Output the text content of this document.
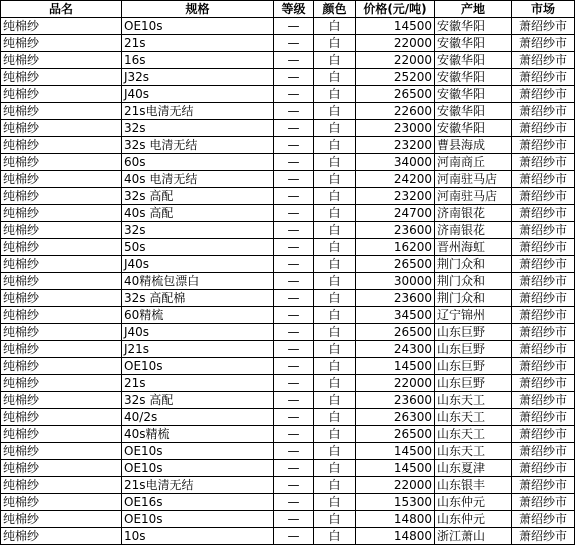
品名	规格	等级	颜色	价格(元/吨)	产地	市场
纯棉纱	OE10s	—	白	14500	安徽华阳	萧绍纱市
纯棉纱	21s	—	白	22000	安徽华阳	萧绍纱市
纯棉纱	16s	—	白	22000	安徽华阳	萧绍纱市
纯棉纱	J32s	—	白	25200	安徽华阳	萧绍纱市
纯棉纱	J40s	—	白	26500	安徽华阳	萧绍纱市
纯棉纱	21s电清无结	—	白	22600	安徽华阳	萧绍纱市
纯棉纱	32s	—	白	23000	安徽华阳	萧绍纱市
纯棉纱	32s 电清无结	—	白	23200	曹县海成	萧绍纱市
纯棉纱	60s	—	白	34000	河南商丘	萧绍纱市
纯棉纱	40s 电清无结	—	白	24200	河南驻马店	萧绍纱市
纯棉纱	32s 高配	—	白	23200	河南驻马店	萧绍纱市
纯棉纱	40s 高配	—	白	24700	济南银花	萧绍纱市
纯棉纱	32s	—	白	23600	济南银花	萧绍纱市
纯棉纱	50s	—	白	16200	晋州海虹	萧绍纱市
纯棉纱	J40s	—	白	26500	荆门众和	萧绍纱市
纯棉纱	40精梳包漂白	—	白	30000	荆门众和	萧绍纱市
纯棉纱	32s 高配棉	—	白	23600	荆门众和	萧绍纱市
纯棉纱	60精梳	—	白	34500	辽宁锦州	萧绍纱市
纯棉纱	J40s	—	白	26500	山东巨野	萧绍纱市
纯棉纱	J21s	—	白	24300	山东巨野	萧绍纱市
纯棉纱	OE10s	—	白	14500	山东巨野	萧绍纱市
纯棉纱	21s	—	白	22000	山东巨野	萧绍纱市
纯棉纱	32s 高配	—	白	23600	山东天工	萧绍纱市
纯棉纱	40/2s	—	白	26300	山东天工	萧绍纱市
纯棉纱	40s精梳	—	白	26500	山东天工	萧绍纱市
纯棉纱	OE10s	—	白	14500	山东天工	萧绍纱市
纯棉纱	OE10s	—	白	14500	山东夏津	萧绍纱市
纯棉纱	21s电清无结	—	白	22000	山东银丰	萧绍纱市
纯棉纱	OE16s	—	白	15300	山东仲元	萧绍纱市
纯棉纱	OE10s	—	白	14800	山东仲元	萧绍纱市
纯棉纱	10s	—	白	14800	浙江萧山	萧绍纱市
